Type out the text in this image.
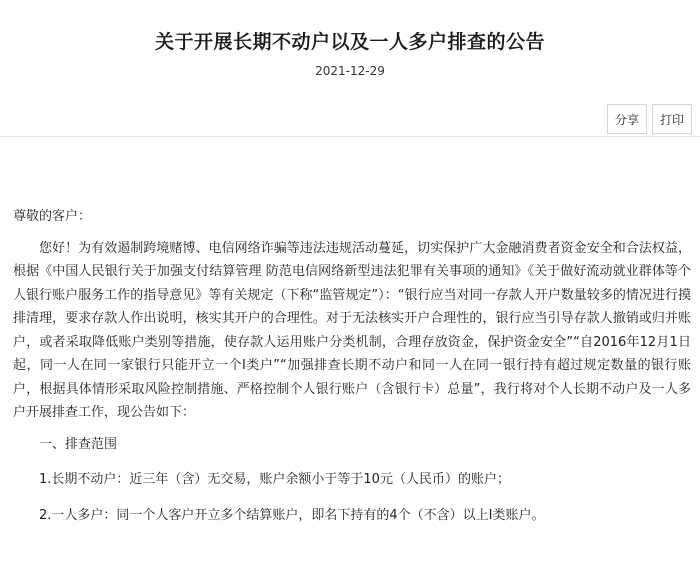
关于开展长期不动户以及一人多户排查的公告
2021-12-29
分享	打印

尊敬的客户：

您好！为有效遏制跨境赌博、电信网络诈骗等违法违规活动蔓延，切实保护广大金融消费者资金安全和合法权益，根据《中国人民银行关于加强支付结算管理 防范电信网络新型违法犯罪有关事项的通知》《关于做好流动就业群体等个人银行账户服务工作的指导意见》等有关规定（下称“监管规定”）：“银行应当对同一存款人开户数量较多的情况进行摸排清理，要求存款人作出说明，核实其开户的合理性。对于无法核实开户合理性的，银行应当引导存款人撤销或归并账户，或者采取降低账户类别等措施，使存款人运用账户分类机制，合理存放资金，保护资金安全”“自2016年12月1日起，同一人在同一家银行只能开立一个I类户”“加强排查长期不动户和同一人在同一银行持有超过规定数量的银行账户，根据具体情形采取风险控制措施、严格控制个人银行账户（含银行卡）总量”，我行将对个人长期不动户及一人多户开展排查工作，现公告如下：

一、排查范围

1.长期不动户：近三年（含）无交易，账户余额小于等于10元（人民币）的账户；

2.一人多户：同一个人客户开立多个结算账户，即名下持有的4个（不含）以上I类账户。
